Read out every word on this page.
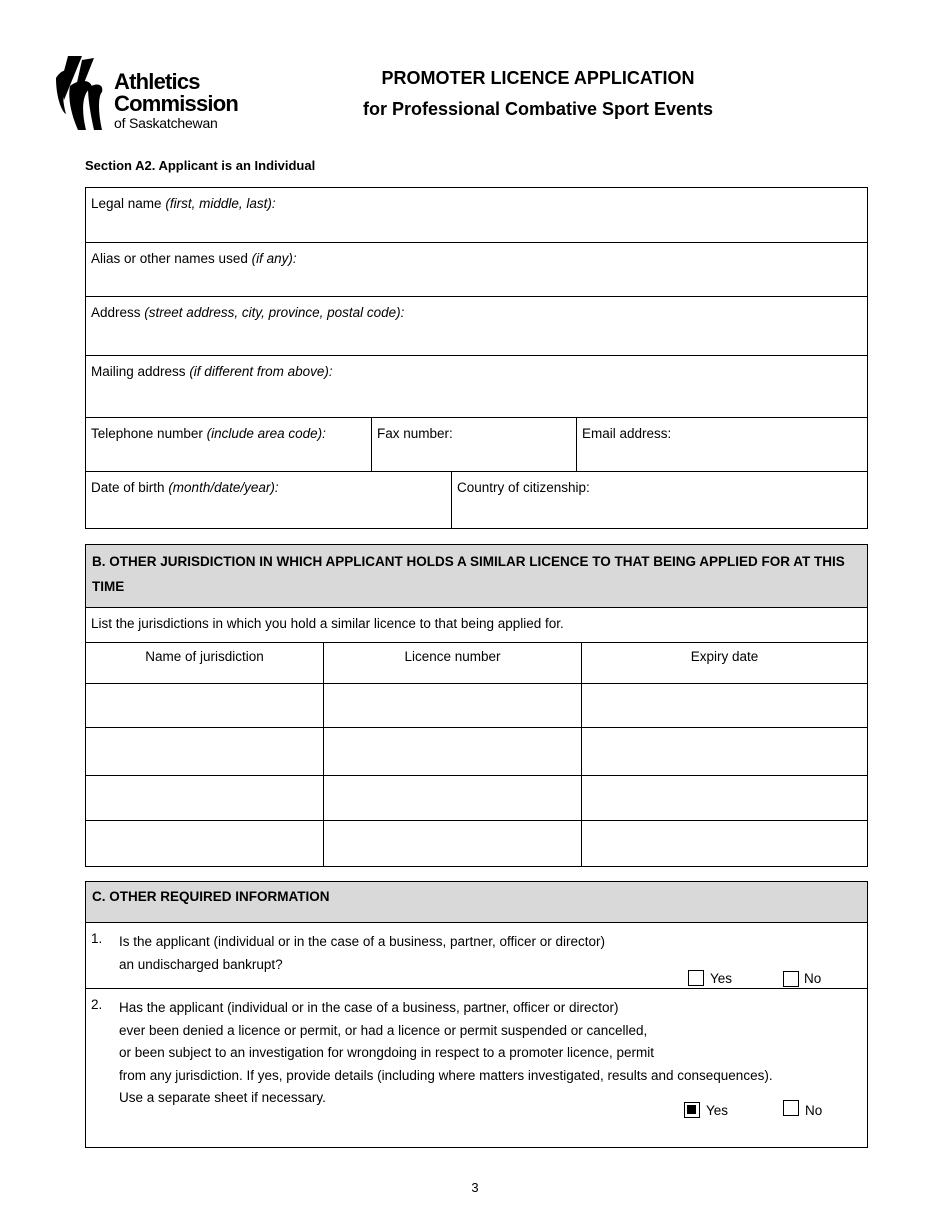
Athletics
Commission
of Saskatchewan
PROMOTER LICENCE APPLICATION
for Professional Combative Sport Events
Section A2. Applicant is an Individual
Legal name (first, middle, last):			

Alias or other names used (if any):			

Address (street address, city, province, postal code):			

Mailing address (if different from above):			

Telephone number (include area code):	Fax number:		Email address:

Date of birth (month/date/year):		Country of citizenship:	
B. OTHER JURISDICTION IN WHICH APPLICANT HOLDS A SIMILAR LICENCE TO THAT BEING APPLIED FOR AT THIS TIME		

List the jurisdictions in which you hold a similar licence to that being applied for.		

Name of jurisdiction	Licence number	Expiry date

C. OTHER REQUIRED INFORMATION

1. Is the applicant (individual or in the case of a business, partner, officer or director)
an undischarged bankrupt?
Yes	No

2. Has the applicant (individual or in the case of a business, partner, officer or director)
ever been denied a licence or permit, or had a licence or permit suspended or cancelled,
or been subject to an investigation for wrongdoing in respect to a promoter licence, permit
from any jurisdiction. If yes, provide details (including where matters investigated, results and consequences).
Use a separate sheet if necessary.
Yes	No
3
